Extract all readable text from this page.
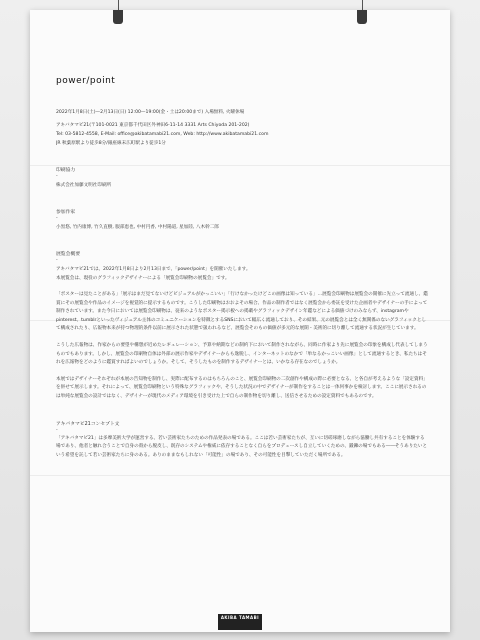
power/point
2022年1月8日(土)—2月13日(日) 12:00—19:00(金・土は20:00まで) 入場無料, 火曜休場
アキバタマビ21(〒101-0021 東京都千代田区外神田6-11-14 3331 Arts Chiyoda 201-202)
Tel: 03-5812-4558, E-Mail: office@akibatamabi21.com, Web: http://www.akibatamabi21.com
JR 秋葉原駅より徒歩8分/銀座線末広町駅より徒歩1分
印刷協力
-
株式会社加藤文明社印刷所
参加作家
-
小黒悠, 竹内康博, 竹久直樹, 服部恵也, 中村円香, 中村陽道, 星加陸, 八木幹二郎
展覧会概要
-
アキバタマビ21では、2022年1月8日より2月13日まで、「power/point」を開催いたします。
本展覧会は、現役のグラフィックデザイナーによる「展覧会印刷物の展覧会」です。
「ポスターは見たことがある」「展示はまだ見てないけどビジュアルがかっこいい」「行けなかったけどこの画像は知っている」…展覧会印刷物は展覧会の開催に先立って流通し、鑑賞にその展覧会や作品のイメージを視覚的に提示するものです。こうした印刷物はおおよその場合、作品の制作者ではなく展覧会から委託を受けた企画者やデザイナーの手によって制作されています。また今日においては展覧会印刷物は、従来のようなポスター掲示板への掲載やグラフィックデザイン年鑑などによる価値づけのみならず、instagramやpinterest、tumblrといったヴィジュアル主体のコミュニケーションを特徴とするSNSにおいて幅広く流通しており、その結果、元の展覧会とは全く無関係のないグラフィックとして構成されたり、広報物本来が持つ物理的条件以前に展示された状態で扱われるなど、展覧会そのもの価値が多元的な展開・美術的に切り離して流通する状況が生じています。
こうした広報物は、作家からの要望や構想が近めたレギュレーション、予算や納期などの制約下において制作されながら、同時に作家より先に展覧会の印象を構成し代表してしまうものでもあります。しかし、展覧会の印刷物自体は外部の展示作家やデザイナーからも逸脱し、インターネットのなかで「単なるかっこいい画像」として流通するとき、私たちはそれを広報物をどのように鑑賞すればよいのでしょうか。そして、そうしたものを制作するデザイナーとは、いかなる存在なのでしょうか。
本展ではデザイナーそれぞれが本展の告知物を制作し、実際に配布するのはもちろんのこと、展覧会印刷物の二次創作や構成の際に必要となる、と各自が考えるような「設定資料」を併せて展示します。それによって、展覧会印刷物という特殊なグラフィックや、そうした状況の中でデザイナーが制作をすることは一体何事かを検討します。ここに展示されるのは単純な展覧会の設計ではなく、デザイナーが現代のメディア環境を引き受けた上で自らの制作物を切り離し、送信させるための設定資料でもあるのです。
アキバタマビ21コンセプト文
-
「アキバタマビ21」は多摩美術大学が運営する、若い芸術家たちのための作品発表の場である。ここは若い芸術家たちが、互いに切磋琢磨しながら協働し共有することを体験する場であり、他者と触れ合うことで自身の殻から脱皮し、既存のシステムや権威に依存することなく自らをプロデュースし自立していくための、鍛錬の場でもある――そうありたいという希望を託して若い芸術家たちに身のある。ありのままなもしれない「可能性」の場であり、その可能性を目撃していただく場所である。
AKIBA TAMABI
